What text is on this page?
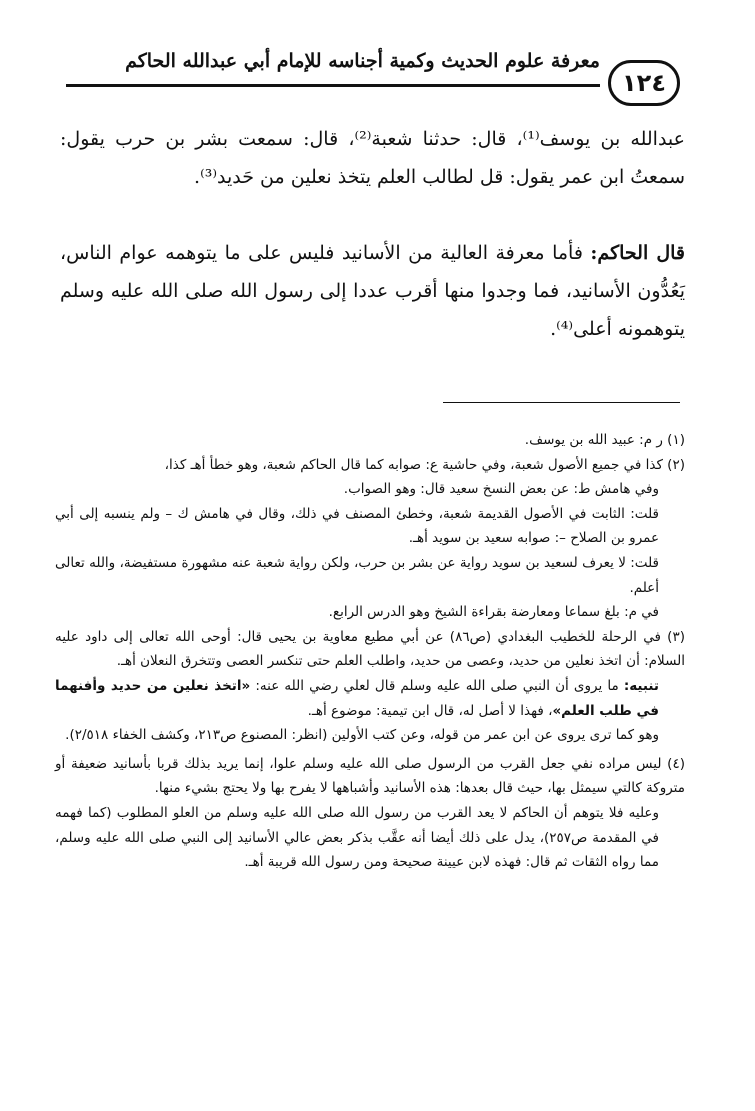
معرفة علوم الحديث وكمية أجناسه للإمام أبي عبدالله الحاكم
١٢٤
عبدالله بن يوسف⁽¹⁾، قال: حدثنا شعبة⁽²⁾، قال: سمعت بشر بن حرب يقول: سمعتُ ابن عمر يقول: قل لطالب العلم يتخذ نعلين من حَديد⁽³⁾.
قال الحاكم: فأما معرفة العالية من الأسانيد فليس على ما يتوهمه عوام الناس، يَعُدُّون الأسانيد، فما وجدوا منها أقرب عددا إلى رسول الله صلى الله عليه وسلم يتوهمونه أعلى⁽⁴⁾.

(١) ر م: عبيد الله بن يوسف.

(٢) كذا في جميع الأصول شعبة، وفي حاشية ع: صوابه كما قال الحاكم شعبة، وهو خطأ أهـ كذا،

وفي هامش ط: عن بعض النسخ سعيد قال: وهو الصواب.

قلت: الثابت في الأصول القديمة شعبة، وخطئ المصنف في ذلك، وقال في هامش ك – ولم ينسبه إلى أبي عمرو بن الصلاح –: صوابه سعيد بن سويد أهـ.

قلت: لا يعرف لسعيد بن سويد رواية عن بشر بن حرب، ولكن رواية شعبة عنه مشهورة مستفيضة، والله تعالى أعلم.

في م: بلغ سماعا ومعارضة بقراءة الشيخ وهو الدرس الرابع.

(٣) في الرحلة للخطيب البغدادي (ص٨٦) عن أبي مطيع معاوية بن يحيى قال: أوحى الله تعالى إلى داود عليه السلام: أن اتخذ نعلين من حديد، وعصى من حديد، واطلب العلم حتى تنكسر العصى وتتخرق النعلان أهـ.

تنبيه: ما يروى أن النبي صلى الله عليه وسلم قال لعلي رضي الله عنه: «اتخذ نعلين من حديد وأفنهما في طلب العلم»، فهذا لا أصل له، قال ابن تيمية: موضوع أهـ.

وهو كما ترى يروى عن ابن عمر من قوله، وعن كتب الأولين (انظر: المصنوع ص٢١٣، وكشف الخفاء ٢/٥١٨).

(٤) ليس مراده نفي جعل القرب من الرسول صلى الله عليه وسلم علوا، إنما يريد بذلك قربا بأسانيد ضعيفة أو متروكة كالتي سيمثل بها، حيث قال بعدها: هذه الأسانيد وأشباهها لا يفرح بها ولا يحتج بشيء منها.

وعليه فلا يتوهم أن الحاكم لا يعد القرب من رسول الله صلى الله عليه وسلم من العلو المطلوب (كما فهمه في المقدمة ص٢٥٧)، يدل على ذلك أيضا أنه عقَّب بذكر بعض عالي الأسانيد إلى النبي صلى الله عليه وسلم، مما رواه الثقات ثم قال: فهذه لابن عيينة صحيحة ومن رسول الله قريبة أهـ.
